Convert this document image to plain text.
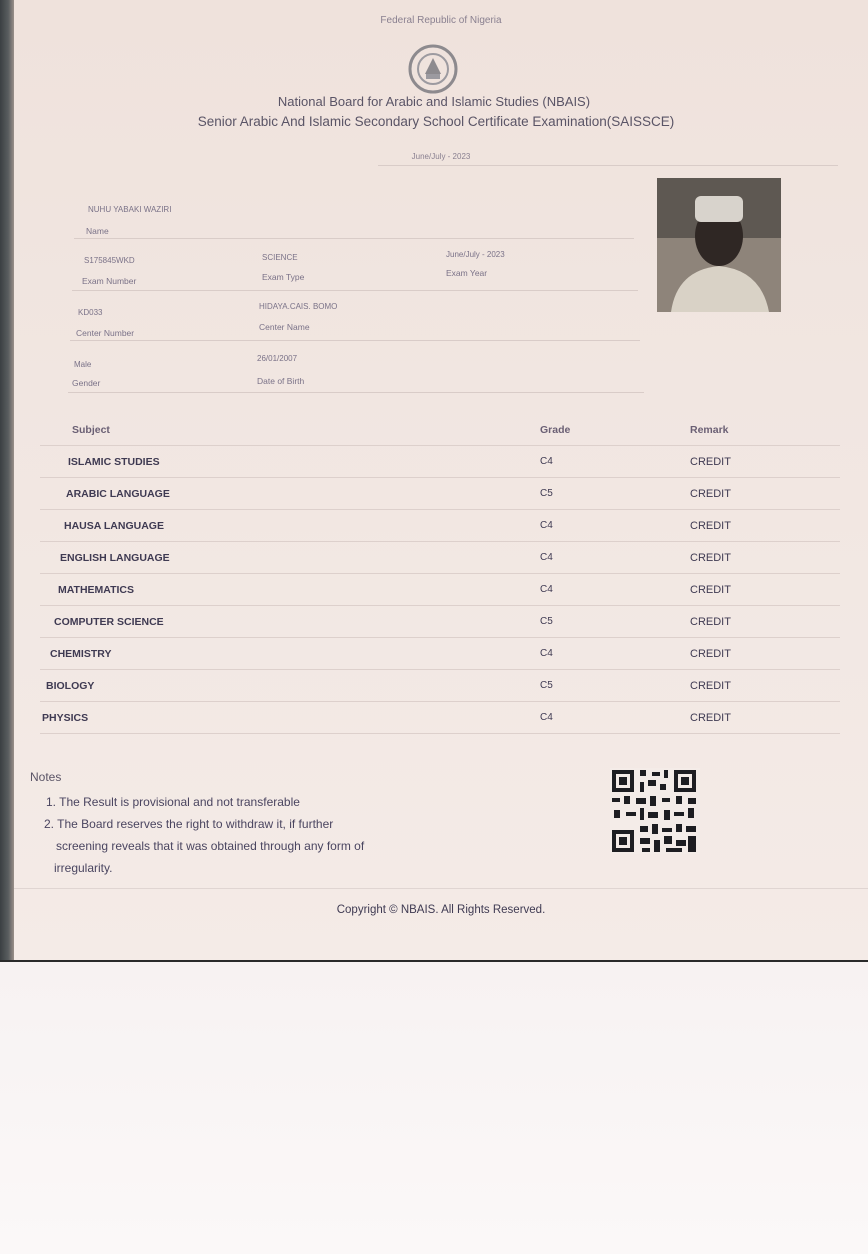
Federal Republic of Nigeria
National Board for Arabic and Islamic Studies (NBAIS)
Senior Arabic And Islamic Secondary School Certificate Examination(SAISSCE)
June/July - 2023
NUHU YABAKI WAZIRI
Name
S175845WKD
Exam Number
SCIENCE
Exam Type
June/July - 2023
Exam Year
KD033
Center Number
HIDAYA.CAIS. BOMO
Center Name
Male
Gender
26/01/2007
Date of Birth
Subject	Grade	Remark
ISLAMIC STUDIES	C4	CREDIT
ARABIC LANGUAGE	C5	CREDIT
HAUSA LANGUAGE	C4	CREDIT
ENGLISH LANGUAGE	C4	CREDIT
MATHEMATICS	C4	CREDIT
COMPUTER SCIENCE	C5	CREDIT
CHEMISTRY	C4	CREDIT
BIOLOGY	C5	CREDIT
PHYSICS	C4	CREDIT
Notes
1. The Result is provisional and not transferable
2. The Board reserves the right to withdraw it, if further
screening reveals that it was obtained through any form of
irregularity.
Copyright © NBAIS. All Rights Reserved.
